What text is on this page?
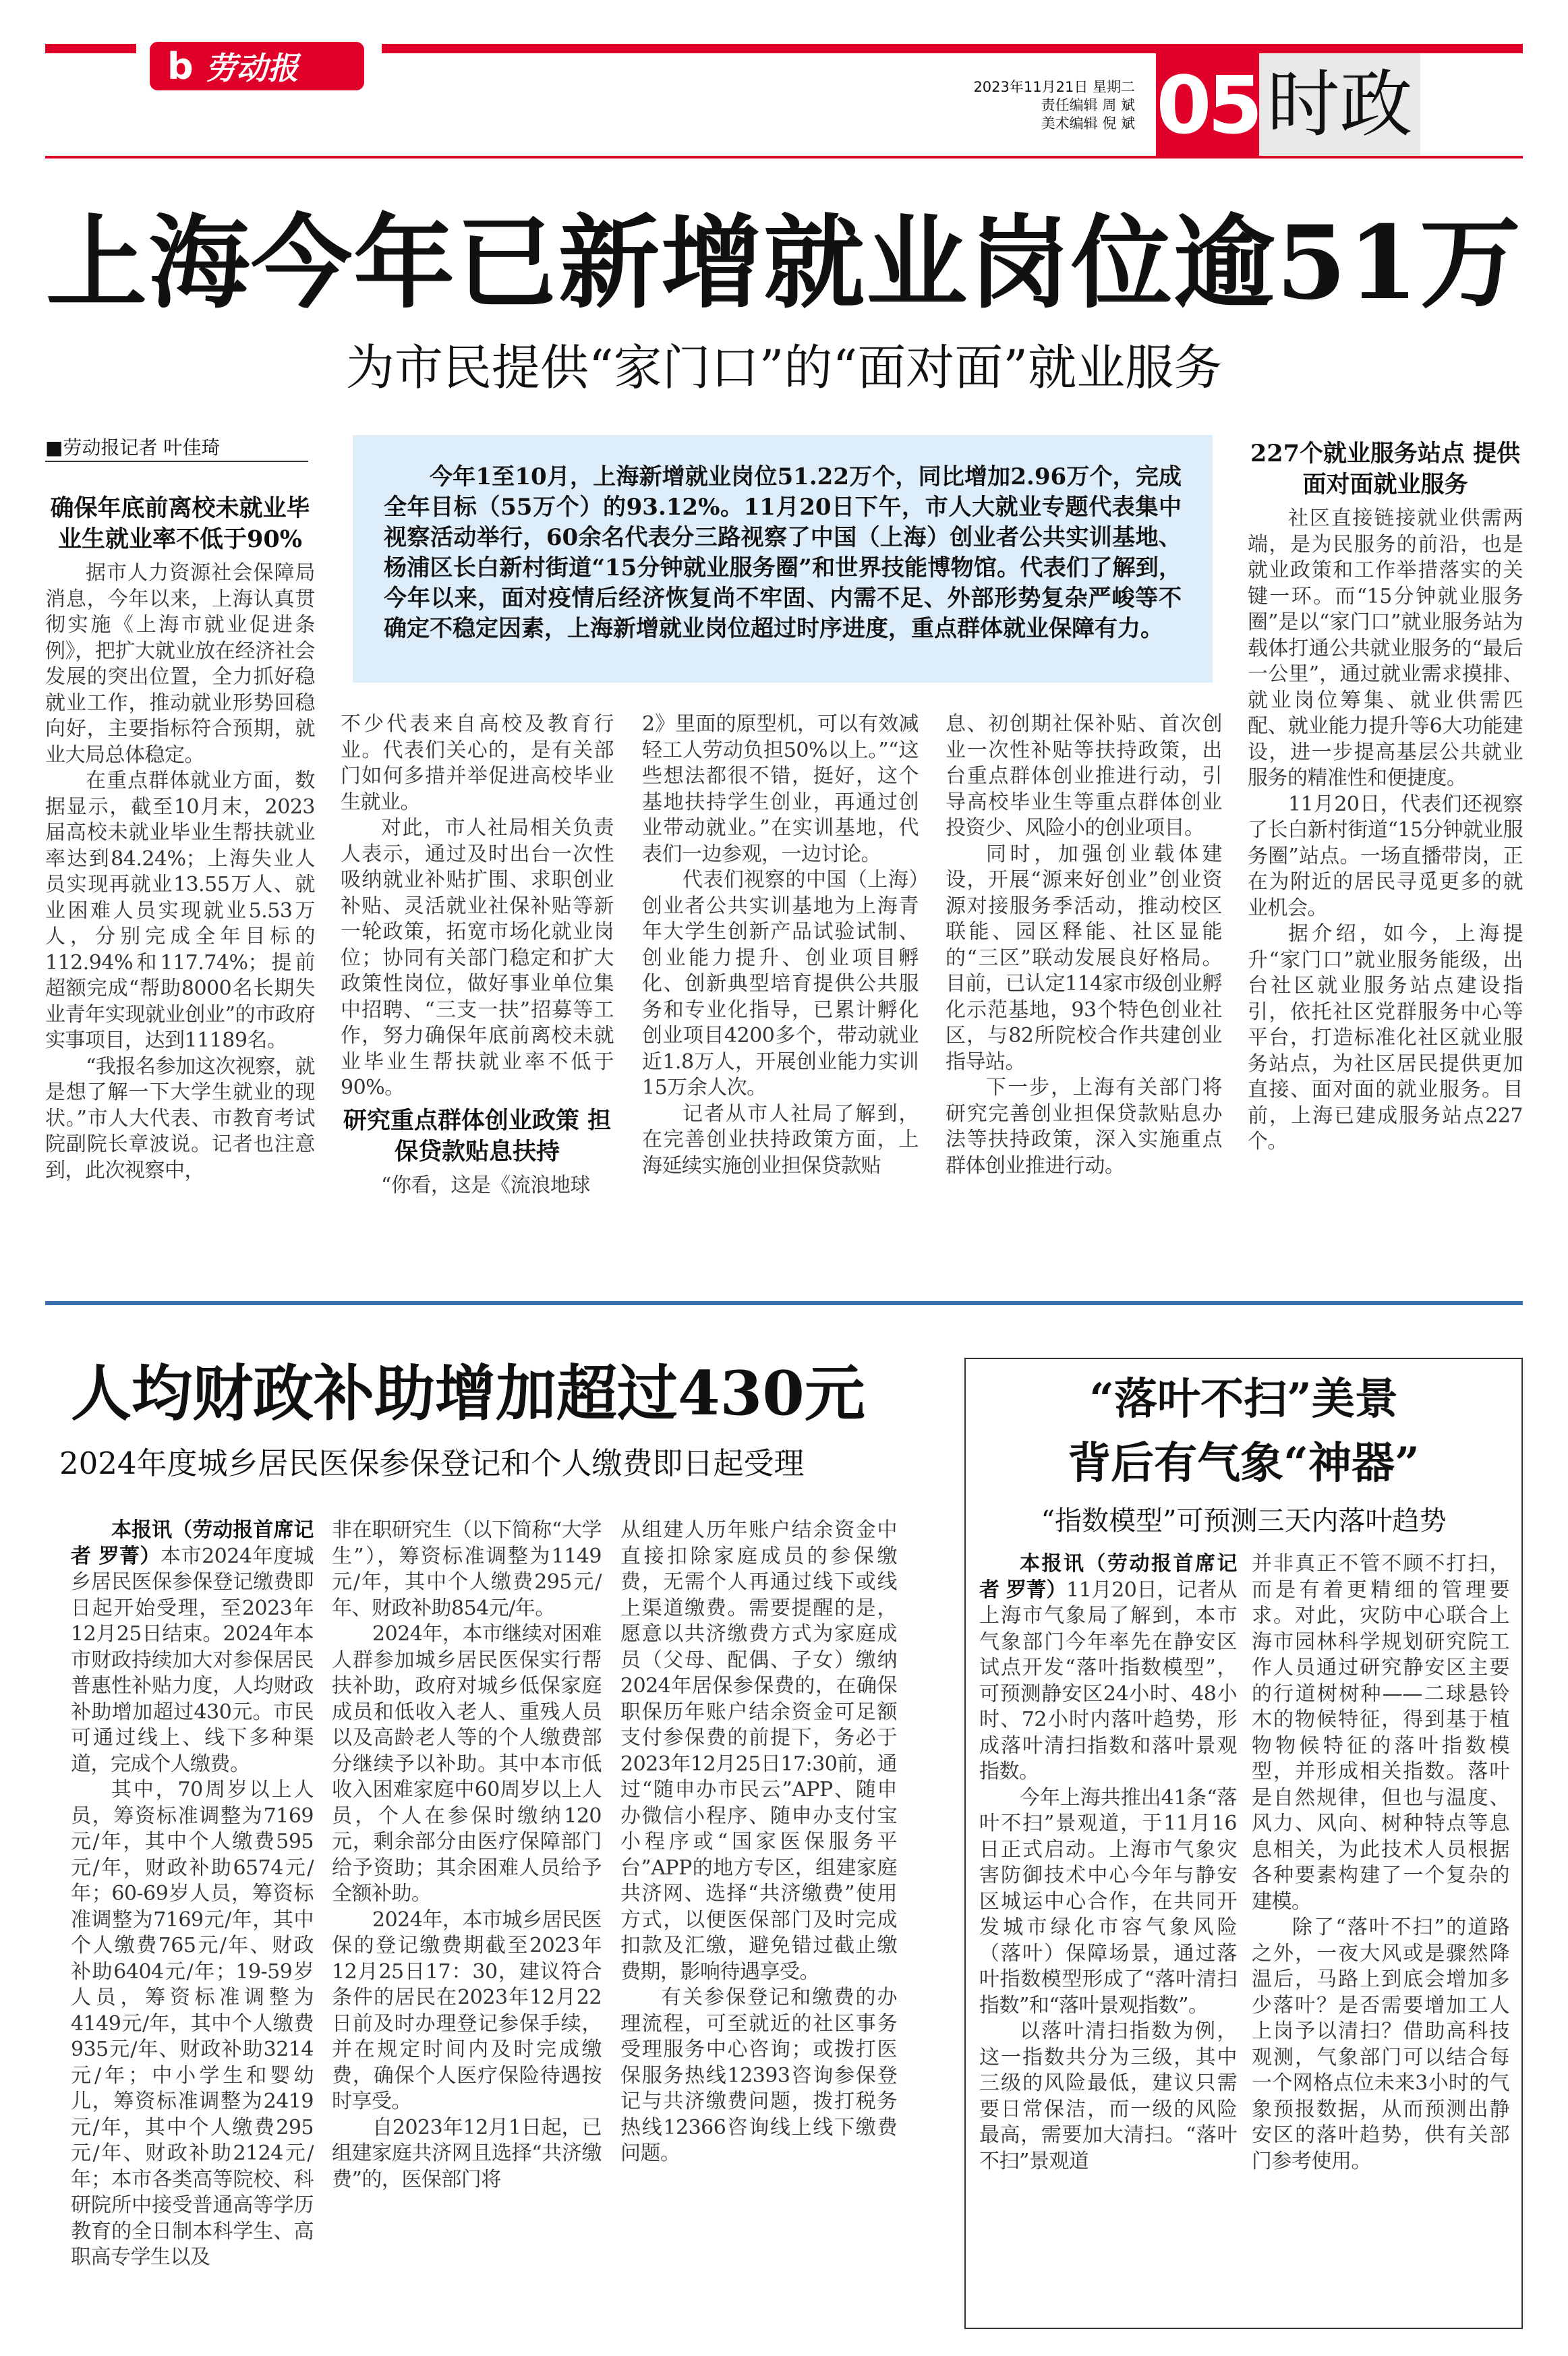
b 劳动报
2023年11月21日 星期二
责任编辑 周 斌
美术编辑 倪 斌 05 时政
上海今年已新增就业岗位逾51万
为市民提供“家门口”的“面对面”就业服务
■劳动报记者 叶佳琦

今年1至10月，上海新增就业岗位51.22万个，同比增加2.96万个，完成全年目标（55万个）的93.12%。11月20日下午，市人大就业专题代表集中视察活动举行，60余名代表分三路视察了中国（上海）创业者公共实训基地、杨浦区长白新村街道“15分钟就业服务圈”和世界技能博物馆。代表们了解到，今年以来，面对疫情后经济恢复尚不牢固、内需不足、外部形势复杂严峻等不确定不稳定因素，上海新增就业岗位超过时序进度，重点群体就业保障有力。

确保年底前离校未就业毕业生就业率不低于90%

据市人力资源社会保障局消息，今年以来，上海认真贯彻实施《上海市就业促进条例》，把扩大就业放在经济社会发展的突出位置，全力抓好稳就业工作，推动就业形势回稳向好，主要指标符合预期，就业大局总体稳定。

在重点群体就业方面，数据显示，截至10月末，2023届高校未就业毕业生帮扶就业率达到84.24%；上海失业人员实现再就业13.55万人、就业困难人员实现就业5.53万人，分别完成全年目标的112.94%和117.74%；提前超额完成“帮助8000名长期失业青年实现就业创业”的市政府实事项目，达到11189名。

“我报名参加这次视察，就是想了解一下大学生就业的现状。”市人大代表、市教育考试院副院长章波说。记者也注意到，此次视察中，

不少代表来自高校及教育行业。代表们关心的，是有关部门如何多措并举促进高校毕业生就业。

对此，市人社局相关负责人表示，通过及时出台一次性吸纳就业补贴扩围、求职创业补贴、灵活就业社保补贴等新一轮政策，拓宽市场化就业岗位；协同有关部门稳定和扩大政策性岗位，做好事业单位集中招聘、“三支一扶”招募等工作，努力确保年底前离校未就业毕业生帮扶就业率不低于90%。

研究重点群体创业政策 担保贷款贴息扶持

“你看，这是《流浪地球

2》里面的原型机，可以有效减轻工人劳动负担50%以上。”“这些想法都很不错，挺好，这个基地扶持学生创业，再通过创业带动就业。”在实训基地，代表们一边参观，一边讨论。

代表们视察的中国（上海）创业者公共实训基地为上海青年大学生创新产品试验试制、创业能力提升、创业项目孵化、创新典型培育提供公共服务和专业化指导，已累计孵化创业项目4200多个，带动就业近1.8万人，开展创业能力实训15万余人次。

记者从市人社局了解到，在完善创业扶持政策方面，上海延续实施创业担保贷款贴

息、初创期社保补贴、首次创业一次性补贴等扶持政策，出台重点群体创业推进行动，引导高校毕业生等重点群体创业投资少、风险小的创业项目。

同时，加强创业载体建设，开展“源来好创业”创业资源对接服务季活动，推动校区联能、园区释能、社区显能的“三区”联动发展良好格局。目前，已认定114家市级创业孵化示范基地，93个特色创业社区，与82所院校合作共建创业指导站。

下一步，上海有关部门将研究完善创业担保贷款贴息办法等扶持政策，深入实施重点群体创业推进行动。

227个就业服务站点 提供面对面就业服务

社区直接链接就业供需两端，是为民服务的前沿，也是就业政策和工作举措落实的关键一环。而“15分钟就业服务圈”是以“家门口”就业服务站为载体打通公共就业服务的“最后一公里”，通过就业需求摸排、就业岗位筹集、就业供需匹配、就业能力提升等6大功能建设，进一步提高基层公共就业服务的精准性和便捷度。

11月20日，代表们还视察了长白新村街道“15分钟就业服务圈”站点。一场直播带岗，正在为附近的居民寻觅更多的就业机会。

据介绍，如今，上海提升“家门口”就业服务能级，出台社区就业服务站点建设指引，依托社区党群服务中心等平台，打造标准化社区就业服务站点，为社区居民提供更加直接、面对面的就业服务。目前，上海已建成服务站点227个。

人均财政补助增加超过430元
2024年度城乡居民医保参保登记和个人缴费即日起受理

本报讯（劳动报首席记者 罗菁）本市2024年度城乡居民医保参保登记缴费即日起开始受理，至2023年12月25日结束。2024年本市财政持续加大对参保居民普惠性补贴力度，人均财政补助增加超过430元。市民可通过线上、线下多种渠道，完成个人缴费。

其中，70周岁以上人员，筹资标准调整为7169元/年，其中个人缴费595元/年，财政补助6574元/年；60-69岁人员，筹资标准调整为7169元/年，其中个人缴费765元/年、财政补助6404元/年；19-59岁人员，筹资标准调整为4149元/年，其中个人缴费935元/年、财政补助3214元/年；中小学生和婴幼儿，筹资标准调整为2419元/年，其中个人缴费295元/年、财政补助2124元/年；本市各类高等院校、科研院所中接受普通高等学历教育的全日制本科学生、高职高专学生以及

非在职研究生（以下简称“大学生”），筹资标准调整为1149元/年，其中个人缴费295元/年、财政补助854元/年。

2024年，本市继续对困难人群参加城乡居民医保实行帮扶补助，政府对城乡低保家庭成员和低收入老人、重残人员以及高龄老人等的个人缴费部分继续予以补助。其中本市低收入困难家庭中60周岁以上人员，个人在参保时缴纳120元，剩余部分由医疗保障部门给予资助；其余困难人员给予全额补助。

2024年，本市城乡居民医保的登记缴费期截至2023年12月25日17：30，建议符合条件的居民在2023年12月22日前及时办理登记参保手续，并在规定时间内及时完成缴费，确保个人医疗保险待遇按时享受。

自2023年12月1日起，已组建家庭共济网且选择“共济缴费”的，医保部门将

从组建人历年账户结余资金中直接扣除家庭成员的参保缴费，无需个人再通过线下或线上渠道缴费。需要提醒的是，愿意以共济缴费方式为家庭成员（父母、配偶、子女）缴纳2024年居保参保费的，在确保职保历年账户结余资金可足额支付参保费的前提下，务必于2023年12月25日17:30前，通过“随申办市民云”APP、随申办微信小程序、随申办支付宝小程序或“国家医保服务平台”APP的地方专区，组建家庭共济网、选择“共济缴费”使用方式，以便医保部门及时完成扣款及汇缴，避免错过截止缴费期，影响待遇享受。

有关参保登记和缴费的办理流程，可至就近的社区事务受理服务中心咨询；或拨打医保服务热线12393咨询参保登记与共济缴费问题，拨打税务热线12366咨询线上线下缴费问题。

“落叶不扫”美景
背后有气象“神器”
“指数模型”可预测三天内落叶趋势

本报讯（劳动报首席记者 罗菁）11月20日，记者从上海市气象局了解到，本市气象部门今年率先在静安区试点开发“落叶指数模型”，可预测静安区24小时、48小时、72小时内落叶趋势，形成落叶清扫指数和落叶景观指数。

今年上海共推出41条“落叶不扫”景观道，于11月16日正式启动。上海市气象灾害防御技术中心今年与静安区城运中心合作，在共同开发城市绿化市容气象风险（落叶）保障场景，通过落叶指数模型形成了“落叶清扫指数”和“落叶景观指数”。

以落叶清扫指数为例，这一指数共分为三级，其中三级的风险最低，建议只需要日常保洁，而一级的风险最高，需要加大清扫。“落叶不扫”景观道

并非真正不管不顾不打扫，而是有着更精细的管理要求。对此，灾防中心联合上海市园林科学规划研究院工作人员通过研究静安区主要的行道树树种——二球悬铃木的物候特征，得到基于植物物候特征的落叶指数模型，并形成相关指数。落叶是自然规律，但也与温度、风力、风向、树种特点等息息相关，为此技术人员根据各种要素构建了一个复杂的建模。

除了“落叶不扫”的道路之外，一夜大风或是骤然降温后，马路上到底会增加多少落叶？是否需要增加工人上岗予以清扫？借助高科技观测，气象部门可以结合每一个网格点位未来3小时的气象预报数据，从而预测出静安区的落叶趋势，供有关部门参考使用。
